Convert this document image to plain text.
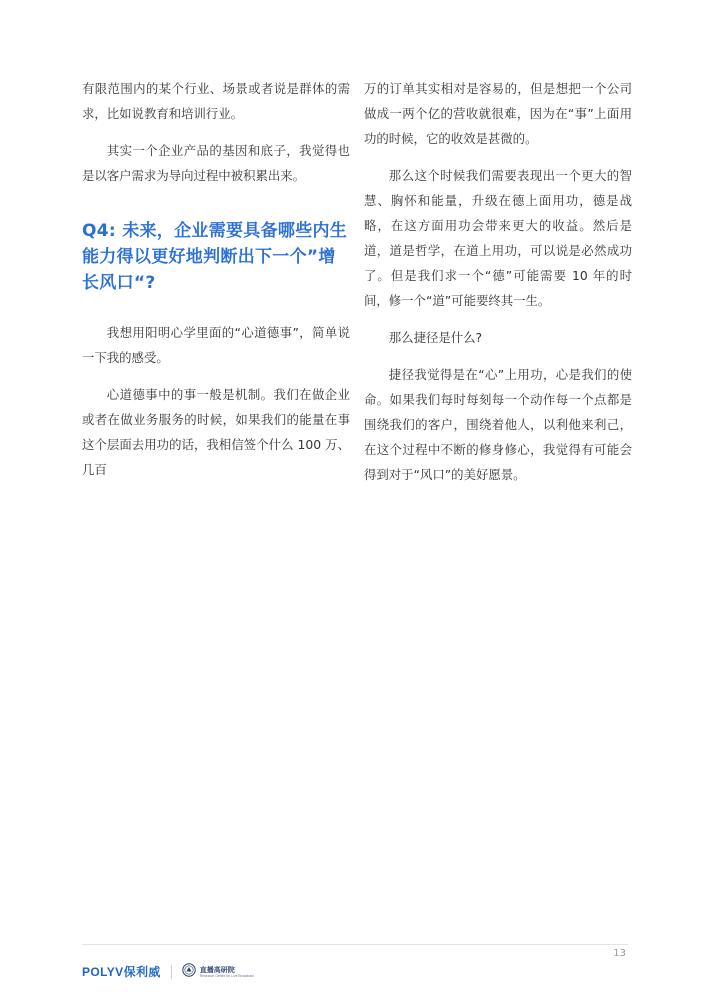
有限范围内的某个行业、场景或者说是群体的需求，比如说教育和培训行业。

其实一个企业产品的基因和底子，我觉得也是以客户需求为导向过程中被积累出来。

Q4: 未来，企业需要具备哪些内生能力得以更好地判断出下一个”增长风口“?

我想用阳明心学里面的“心道德事”，简单说一下我的感受。

心道德事中的事一般是机制。我们在做企业或者在做业务服务的时候，如果我们的能量在事这个层面去用功的话，我相信签个什么 100 万、几百

万的订单其实相对是容易的，但是想把一个公司做成一两个亿的营收就很难，因为在“事”上面用功的时候，它的收效是甚微的。

那么这个时候我们需要表现出一个更大的智慧、胸怀和能量，升级在德上面用功，德是战略，在这方面用功会带来更大的收益。然后是道，道是哲学，在道上用功，可以说是必然成功了。但是我们求一个“德”可能需要 10 年的时间，修一个“道”可能要终其一生。

那么捷径是什么?

捷径我觉得是在“心”上用功，心是我们的使命。如果我们每时每刻每一个动作每一个点都是围绕我们的客户，围绕着他人，以利他来利己，在这个过程中不断的修身修心，我觉得有可能会得到对于“风口”的美好愿景。

13
POLYV保利威	直播高研院
Research Centre for Live Broadcast
